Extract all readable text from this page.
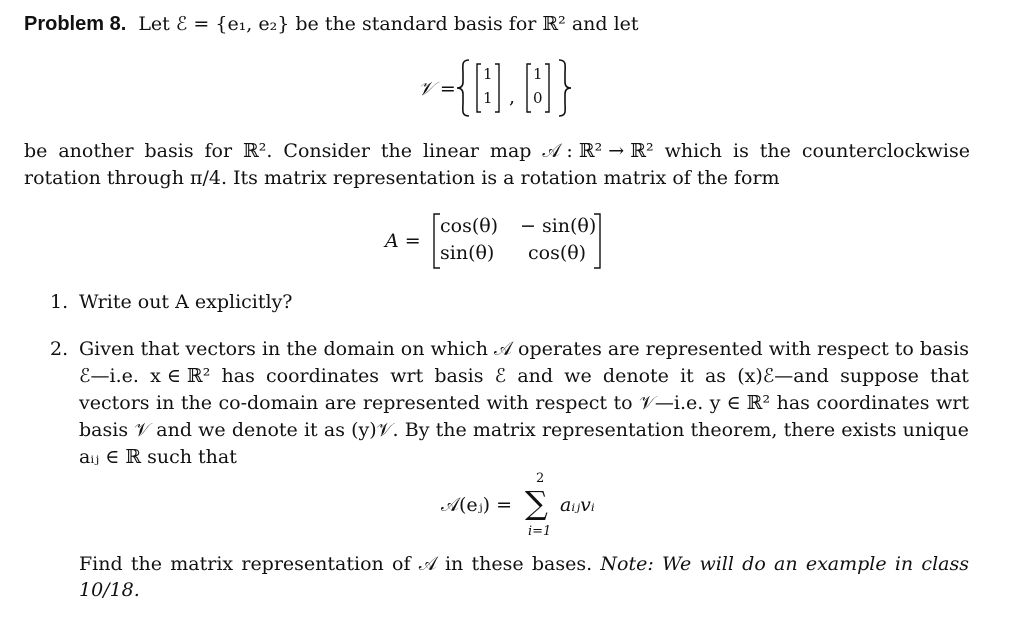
Problem 8. Let ℰ = {e₁, e₂} be the standard basis for ℝ² and let
𝒱 =
1
1 ,
1
0
be another basis for ℝ². Consider the linear map 𝒜 : ℝ² → ℝ² which is the counterclockwise
rotation through π/4. Its matrix representation is a rotation matrix of the form
A =
cos(θ) − sin(θ)
sin(θ) cos(θ)
1. Write out A explicitly?
2. Given that vectors in the domain on which 𝒜 operates are represented with respect to basis
ℰ—i.e. x ∈ ℝ² has coordinates wrt basis ℰ and we denote it as (x)ℰ—and suppose that
vectors in the co-domain are represented with respect to 𝒱—i.e. y ∈ ℝ² has coordinates wrt
basis 𝒱 and we denote it as (y)𝒱. By the matrix representation theorem, there exists unique
aᵢⱼ ∈ ℝ such that
𝒜(eⱼ) =
2
∑
i=1
aᵢⱼvᵢ
Find the matrix representation of 𝒜 in these bases. Note: We will do an example in class
10/18.
